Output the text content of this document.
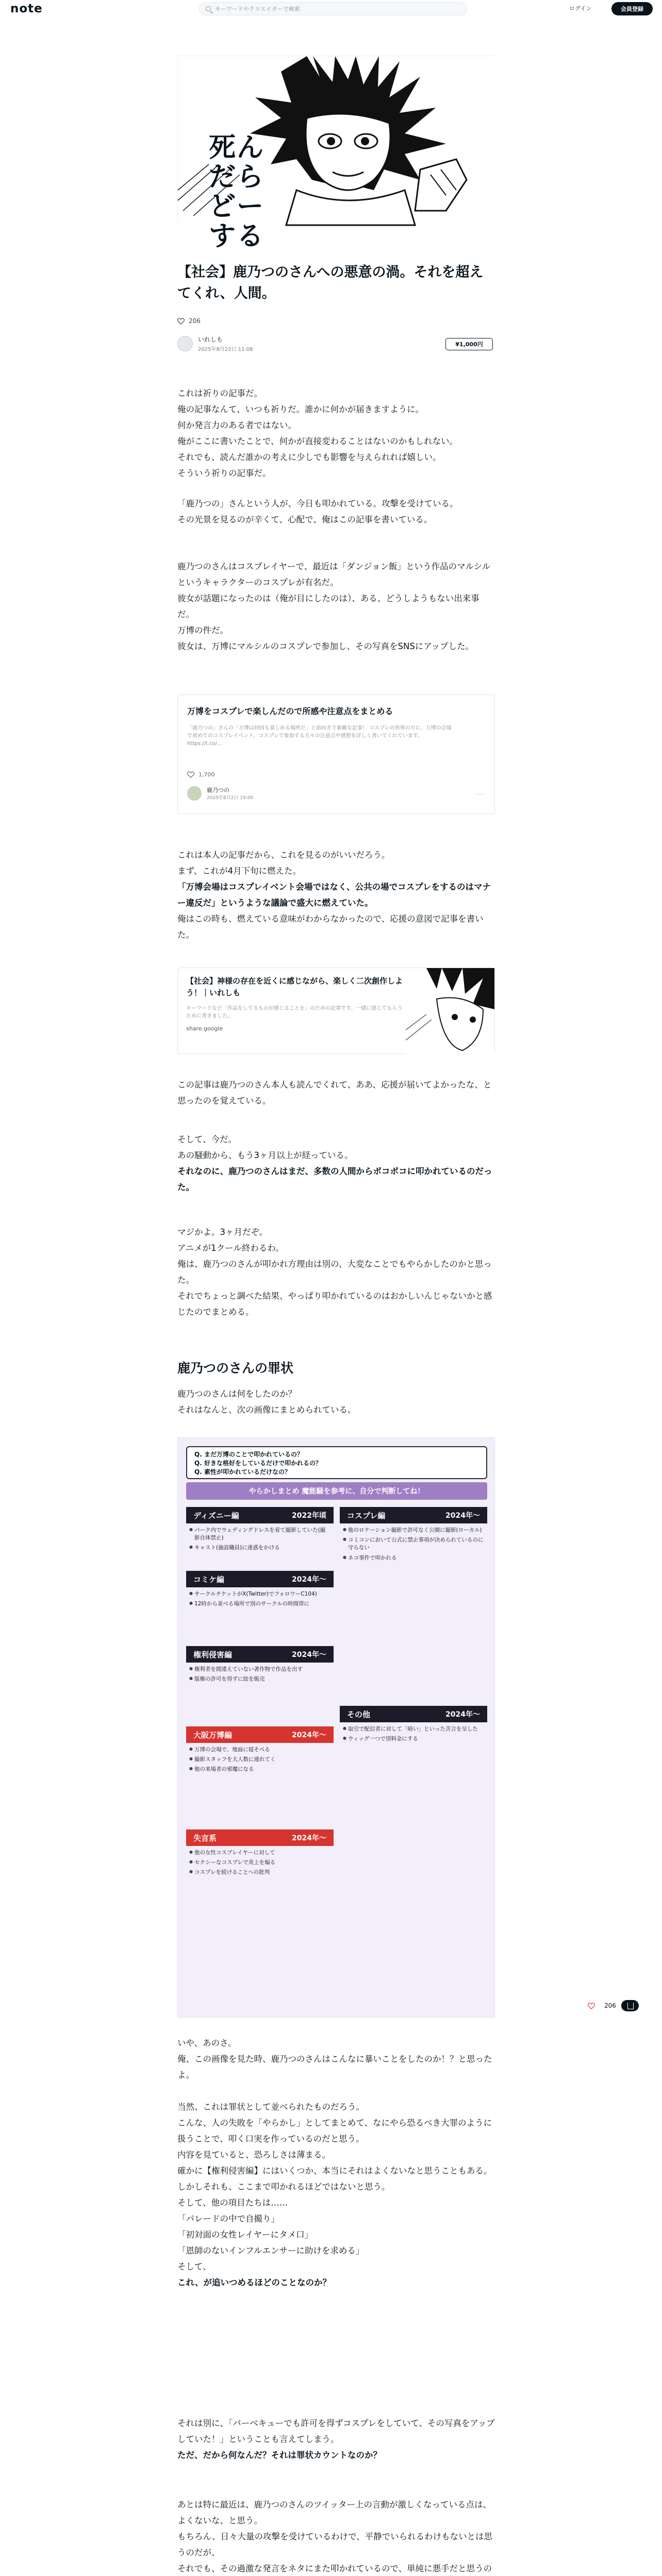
note	キーワードやクリエイターで検索	ログイン	会員登録
死んだらどーする
【社会】鹿乃つのさんへの悪意の渦。それを超えてくれ、人間。
206
いれしも
2025年8月22日 11:08
¥1,000円
これは祈りの記事だ。
俺の記事なんて、いつも祈りだ。誰かに何かが届きますように。
何か発言力のある者ではない。
俺がここに書いたことで、何かが直接変わることはないのかもしれない。
それでも、読んだ誰かの考えに少しでも影響を与えられれば嬉しい。
そういう祈りの記事だ。
「鹿乃つの」さんという人が、今日も叩かれている。攻撃を受けている。
その光景を見るのが辛くて、心配で、俺はこの記事を書いている。
鹿乃つのさんはコスプレイヤーで、最近は「ダンジョン飯」という作品のマルシルというキャラクターのコスプレが有名だ。
彼女が話題になったのは（俺が目にしたのは）、ある、どうしようもない出来事だ。
万博の件だ。
彼女は、万博にマルシルのコスプレで参加し、その写真をSNSにアップした。
万博をコスプレで楽しんだので所感や注意点をまとめる
「鹿乃つの」さんの「万博は何回も楽しめる場所だ」と前向きで素敵な記事！ コスプレの世界の方に、万博の会場で初めてのコスプレイベント、コスプレで参加する方々の注意点や感想を詳しく書いてくれています。https://t.co/...
1,700
鹿乃つの
2025年8月2日 19:00	···
これは本人の記事だから、これを見るのがいいだろう。
まず、これが4月下旬に燃えた。
「万博会場はコスプレイベント会場ではなく、公共の場でコスプレをするのはマナー違反だ」というような議論で盛大に燃えていた。
俺はこの時も、燃えている意味がわからなかったので、応援の意図で記事を書いた。
【社会】神様の存在を近くに感じながら、楽しく二次創作しよう！｜いれしも
キーワードなど「作品をしてるものが感じることを」のための記事です。一緒に感じてもらうために書きました。
share.google
この記事は鹿乃つのさん本人も読んでくれて、ああ、応援が届いてよかったな、と思ったのを覚えている。
そして、今だ。
あの騒動から、もう3ヶ月以上が経っている。
それなのに、鹿乃つのさんはまだ、多数の人間からボコボコに叩かれているのだった。
マジかよ。3ヶ月だぞ。
アニメが1クール終わるわ。
俺は、鹿乃つのさんが叩かれ方理由は別の、大変なことでもやらかしたのかと思った。
それでちょっと調べた結果、やっぱり叩かれているのはおかしいんじゃないかと感じたのでまとめる。
鹿乃つのさんの罪状
鹿乃つのさんは何をしたのか？
それはなんと、次の画像にまとめられている。
Q. まだ万博のことで叩かれているの？
Q. 好きな格好をしているだけで叩かれるの？
Q. 素性が叩かれているだけなの？
やらかしまとめ 魔能騒を参考に、自分で判断してね！
ディズニー編	2022年頃
● パーク内でウェディングドレスを着て撮影していた(撮影自体禁止)
● キャスト(施設職員)に迷惑をかける
コミケ編	2024年〜
● サークルチケットがX(Twitter)でフォロワーC104)
● 12時から並べる場所で別のサークルの時間帯に
権利侵害編	2024年〜
● 権利者を間違えていない著作物で作品を出す
● 版権の許可を得ずに絵を販売
大阪万博編	2024年〜
● 万博の会場で、地面に寝そべる
● 撮影スタッフを大人数に連れてく
● 他の来場者の邪魔になる
失言系	2024年〜
● 他の女性コスプレイヤーに対して
● セクシーなコスプレで炎上を煽る
● コスプレを続けることへの批判
コスプレ編	2024年〜
● 他のロケーション撮影で許可なく公開に撮影(ローカル)
● コミコンにおいて公式に禁止事項が決められているのに守らない
● ネコ事件で叩かれる
その他	2024年〜
● 取引で配信者に対して「暗い」といった苦言を呈した
● ウィッグ一つで別料金にする
206
いや、あのさ。
俺、この画像を見た時、鹿乃つのさんはこんなに暴いことをしたのか！？と思ったよ。
当然、これは罪状として並べられたものだろう。
こんな、人の失敗を「やらかし」としてまとめて、なにやら恐るべき大罪のように扱うことで、叩く口実を作っているのだと思う。
内容を見ていると、恐ろしさは薄まる。
確かに【権利侵害編】にはいくつか、本当にそれはよくないなと思うこともある。しかしそれも、ここまで叩かれるほどではないと思う。
そして、他の項目たちは……
「パレードの中で自撮り」
「初対面の女性レイヤーにタメ口」
「恩師のないインフルエンサーに助けを求める」
そして、
これ、が追いつめるほどのことなのか？
それは別に、「バーベキューでも許可を得ずコスプレをしていて、その写真をアップしていた！」ということも言えてしまう。
ただ、だから何なんだ？それは罪状カウントなのか？
あとは特に最近は、鹿乃つのさんのツイッター上の言動が激しくなっている点は、よくないな、と思う。
もちろん、日々大量の攻撃を受けているわけで、平静でいられるわけもないとは思うのだが、
それでも、その過激な発言をネタにまた叩かれているので、単純に悪手だと思うの
